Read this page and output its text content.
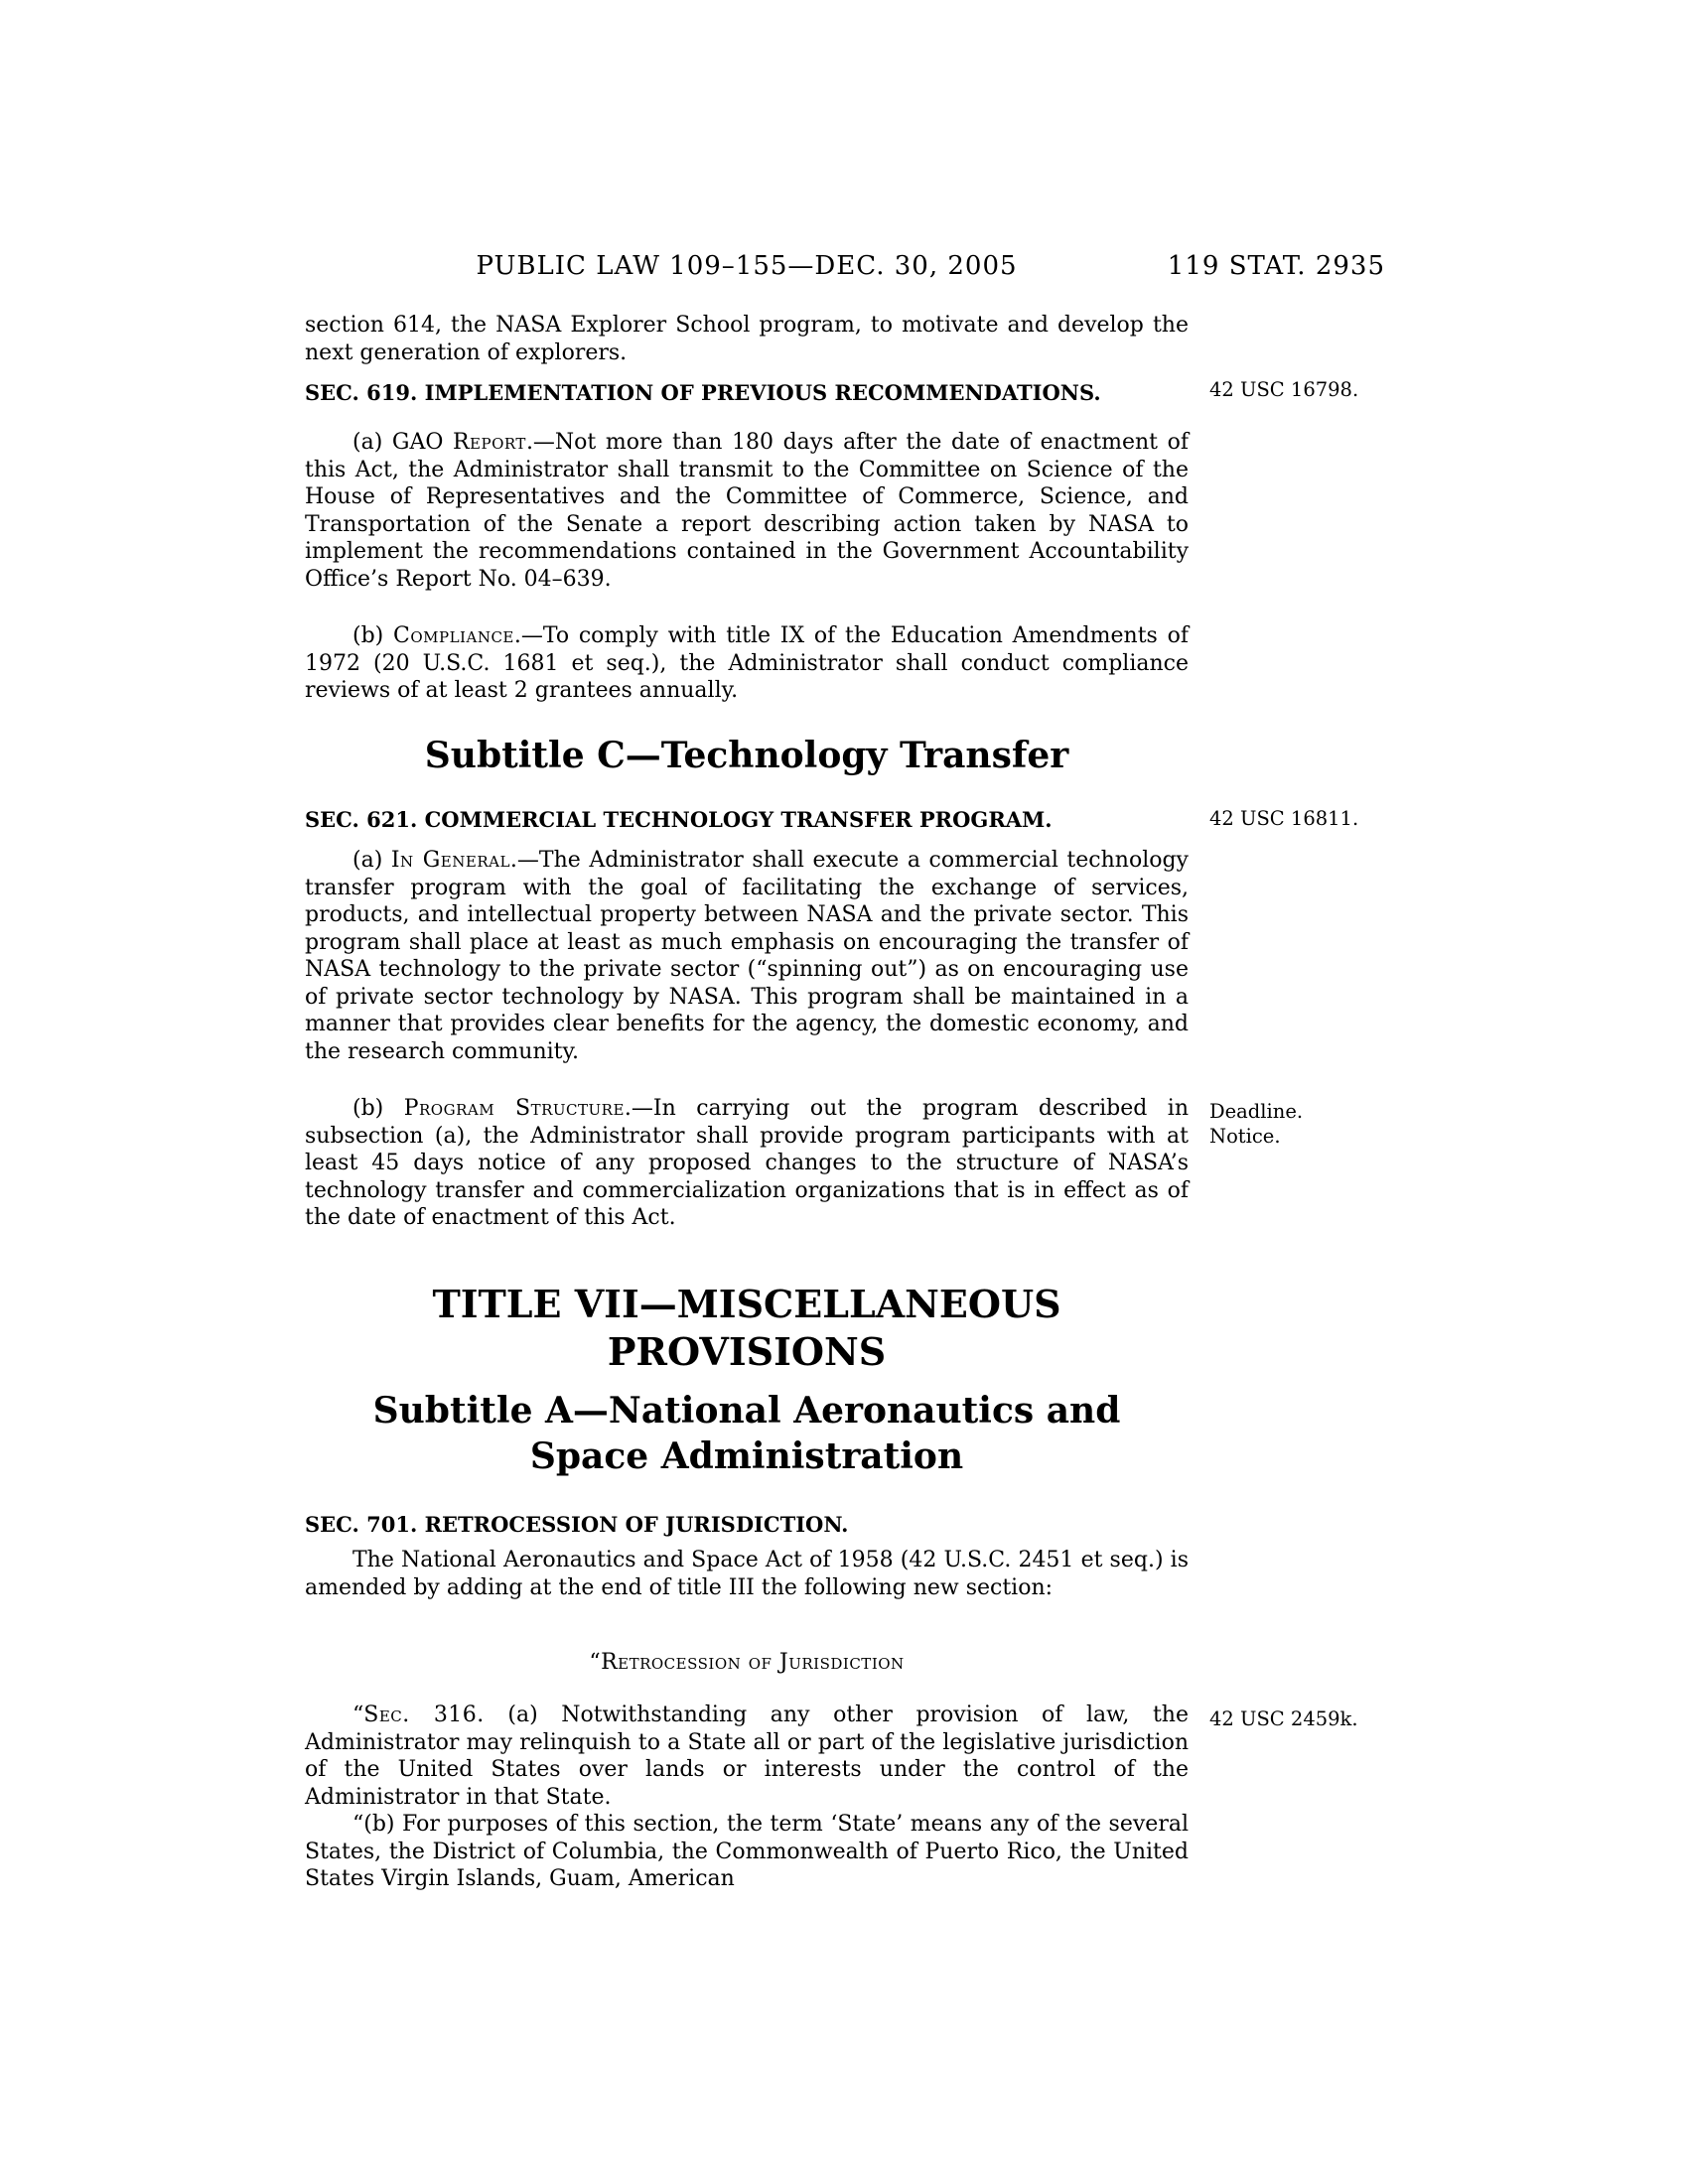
PUBLIC LAW 109–155—DEC. 30, 2005	119 STAT. 2935
section 614, the NASA Explorer School program, to motivate and develop the next generation of explorers.
SEC. 619. IMPLEMENTATION OF PREVIOUS RECOMMENDATIONS.	42 USC 16798.
(a) GAO Report.—Not more than 180 days after the date of enactment of this Act, the Administrator shall transmit to the Committee on Science of the House of Representatives and the Committee of Commerce, Science, and Transportation of the Senate a report describing action taken by NASA to implement the recommendations contained in the Government Accountability Office’s Report No. 04–639.
(b) Compliance.—To comply with title IX of the Education Amendments of 1972 (20 U.S.C. 1681 et seq.), the Administrator shall conduct compliance reviews of at least 2 grantees annually.
Subtitle C—Technology Transfer
SEC. 621. COMMERCIAL TECHNOLOGY TRANSFER PROGRAM.	42 USC 16811.
(a) In General.—The Administrator shall execute a commercial technology transfer program with the goal of facilitating the exchange of services, products, and intellectual property between NASA and the private sector. This program shall place at least as much emphasis on encouraging the transfer of NASA technology to the private sector (“spinning out”) as on encouraging use of private sector technology by NASA. This program shall be maintained in a manner that provides clear benefits for the agency, the domestic economy, and the research community.
(b) Program Structure.—In carrying out the program described in subsection (a), the Administrator shall provide program participants with at least 45 days notice of any proposed changes to the structure of NASA’s technology transfer and commercialization organizations that is in effect as of the date of enactment of this Act.
Deadline.
Notice.
TITLE VII—MISCELLANEOUS
PROVISIONS
Subtitle A—National Aeronautics and
Space Administration
SEC. 701. RETROCESSION OF JURISDICTION.
The National Aeronautics and Space Act of 1958 (42 U.S.C. 2451 et seq.) is amended by adding at the end of title III the following new section:
“Retrocession of Jurisdiction
“Sec. 316. (a) Notwithstanding any other provision of law, the Administrator may relinquish to a State all or part of the legislative jurisdiction of the United States over lands or interests under the control of the Administrator in that State.
42 USC 2459k.
“(b) For purposes of this section, the term ‘State’ means any of the several States, the District of Columbia, the Commonwealth of Puerto Rico, the United States Virgin Islands, Guam, American
